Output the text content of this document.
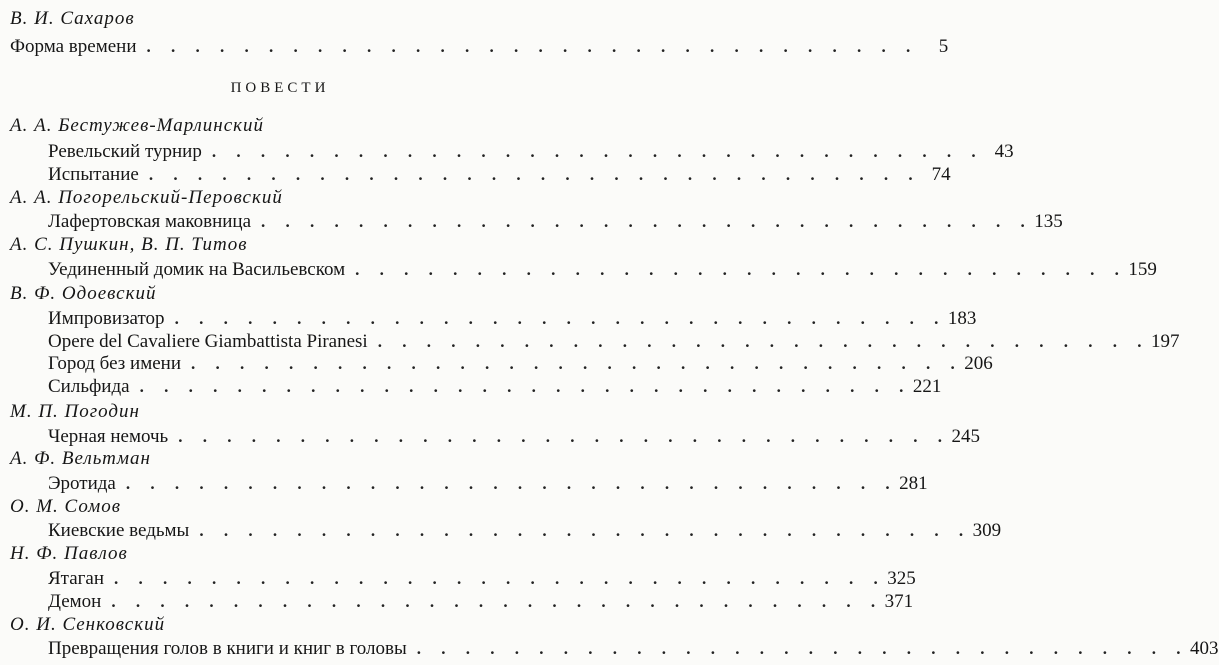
В. И. Сахаров
Форма времени . . . . . . . . . . . . . . . . . . . . . . . . . . . . . . . .	5
ПОВЕСТИ
А. А. Бестужев-Марлинский
Ревельский турнир . . . . . . . . . . . . . . . . . . . . . . . . . . . . . . . . 43
Испытание . . . . . . . . . . . . . . . . . . . . . . . . . . . . . . . . 74
А. А. Погорельский-Перовский
Лафертовская маковница . . . . . . . . . . . . . . . . . . . . . . . . . . . . . . . . 135
А. С. Пушкин, В. П. Титов
Уединенный домик на Васильевском . . . . . . . . . . . . . . . . . . . . . . . . . . . . . . . . 159
В. Ф. Одоевский
Импровизатор . . . . . . . . . . . . . . . . . . . . . . . . . . . . . . . . 183
Opere del Cavaliere Giambattista Piranesi . . . . . . . . . . . . . . . . . . . . . . . . . . . . . . . . 197
Город без имени . . . . . . . . . . . . . . . . . . . . . . . . . . . . . . . . 206
Сильфида . . . . . . . . . . . . . . . . . . . . . . . . . . . . . . . . 221
М. П. Погодин
Черная немочь . . . . . . . . . . . . . . . . . . . . . . . . . . . . . . . . 245
А. Ф. Вельтман
Эротида . . . . . . . . . . . . . . . . . . . . . . . . . . . . . . . . 281
О. М. Сомов
Киевские ведьмы . . . . . . . . . . . . . . . . . . . . . . . . . . . . . . . . 309
Н. Ф. Павлов
Ятаган . . . . . . . . . . . . . . . . . . . . . . . . . . . . . . . . 325
Демон . . . . . . . . . . . . . . . . . . . . . . . . . . . . . . . . 371
О. И. Сенковский
Превращения голов в книги и книг в головы . . . . . . . . . . . . . . . . . . . . . . . . . . . . . . . . 403
